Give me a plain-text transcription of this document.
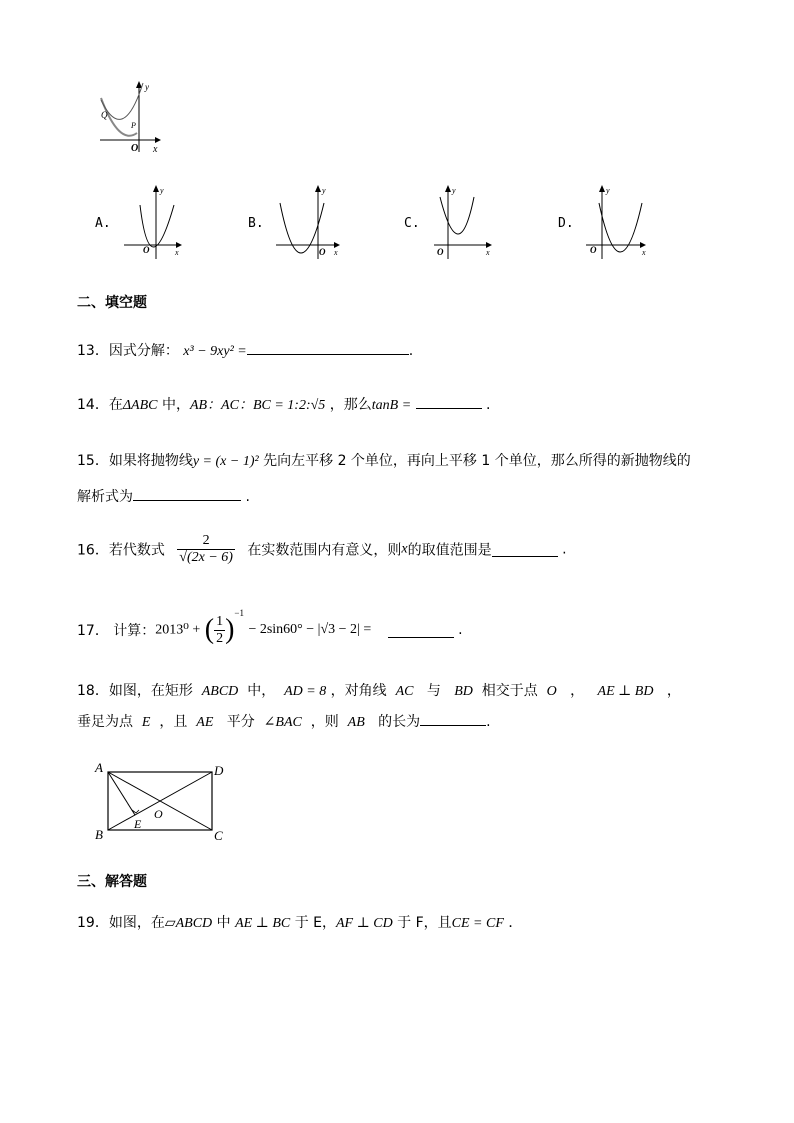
y
x
O
Q
P
A.
y
x
O
B.
y
x
O
C.
y
x
O
D.
y
x
O
二、填空题
13．因式分解： x³ − 9xy² =	.
14．在ΔABC 中，AB：AC：BC = 1:2:√5 ，那么tanB =	.
15．如果将抛物线y = (x − 1)² 先向左平移 2 个单位，再向上平移 1 个单位，那么所得的新抛物线的
解析式为	.
16．若代数式 $\frac{2}{√(2x - 6)}$ 在实数范围内有意义，则x的取值范围是	.
17． 计算：2013⁰ + ( $\frac{1}{2} )^{-1} - 2\sin 60^\circ - |√3 - 2|$ =	.
18．如图，在矩形 ABCD 中， AD = 8 ，对角线 AC 与 BD 相交于点 O ， AE ⊥ BD ，
垂足为点 E ，且 AE 平分 ∠BAC ，则 AB 的长为	.
A	D
B	C
E
O
三、解答题
19．如图，在▱ABCD 中 AE ⊥ BC 于 E，AF ⊥ CD 于 F，且CE = CF ．
